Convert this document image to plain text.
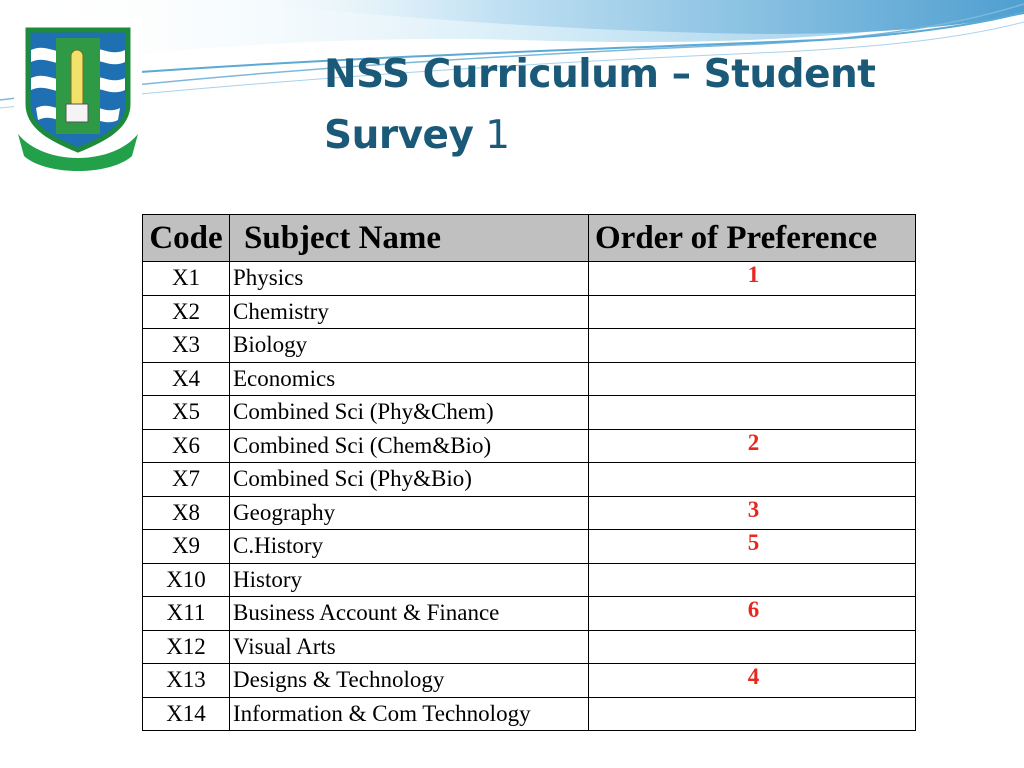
NSS Curriculum – Student Survey 1
Code	Subject Name	Order of Preference
X1	Physics	1
X2	Chemistry	
X3	Biology	
X4	Economics	
X5	Combined Sci (Phy&Chem)	
X6	Combined Sci (Chem&Bio)	2
X7	Combined Sci (Phy&Bio)	
X8	Geography	3
X9	C.History	5
X10	History	
X11	Business Account & Finance	6
X12	Visual Arts	
X13	Designs & Technology	4
X14	Information & Com Technology	
